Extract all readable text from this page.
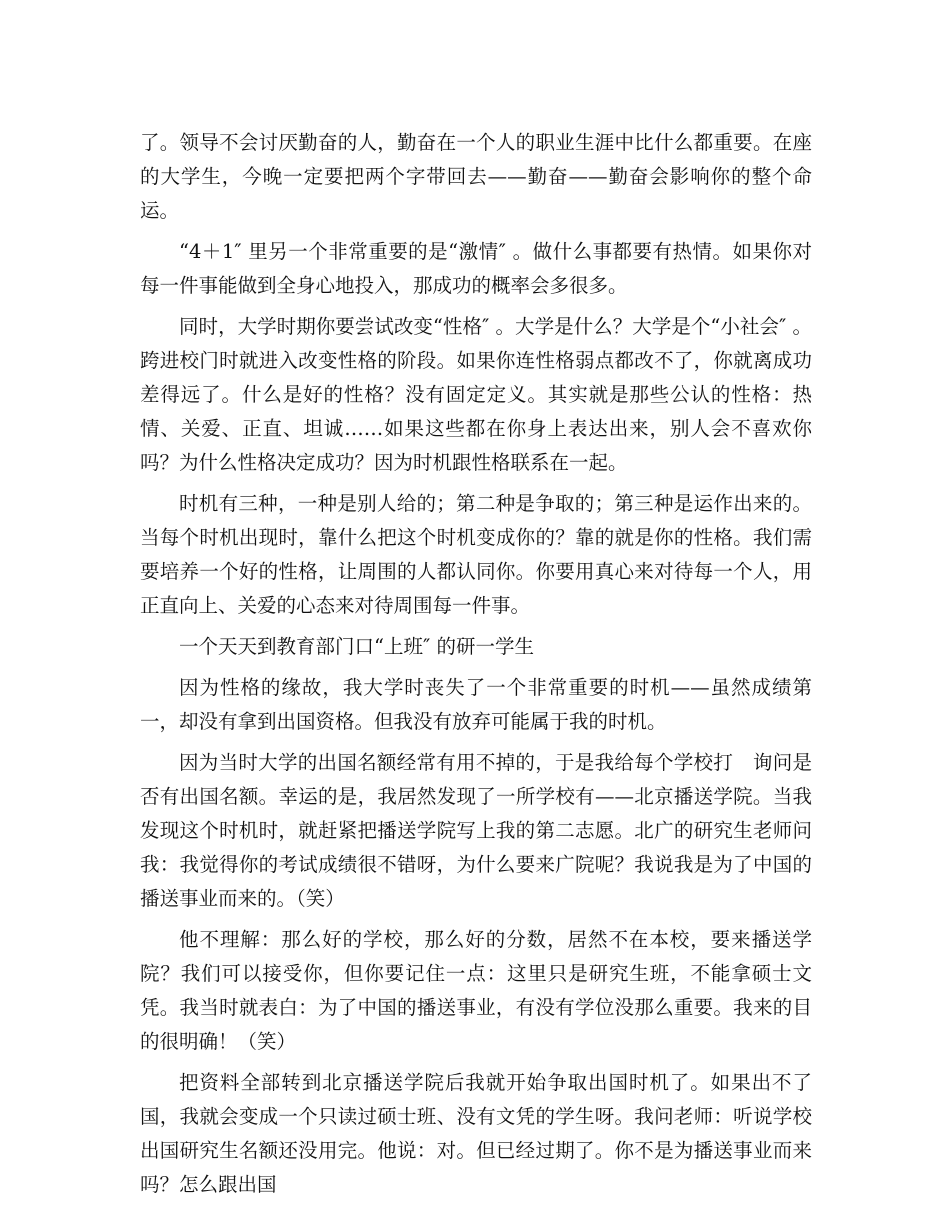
了。领导不会讨厌勤奋的人，勤奋在一个人的职业生涯中比什么都重要。在座的大学生，今晚一定要把两个字带回去——勤奋——勤奋会影响你的整个命运。

“4＋1″ 里另一个非常重要的是“激情″ 。做什么事都要有热情。如果你对每一件事能做到全身心地投入，那成功的概率会多很多。

同时，大学时期你要尝试改变“性格″ 。大学是什么？大学是个“小社会″ 。跨进校门时就进入改变性格的阶段。如果你连性格弱点都改不了，你就离成功差得远了。什么是好的性格？没有固定定义。其实就是那些公认的性格：热情、关爱、正直、坦诚……如果这些都在你身上表达出来，别人会不喜欢你吗？为什么性格决定成功？因为时机跟性格联系在一起。

时机有三种，一种是别人给的；第二种是争取的；第三种是运作出来的。当每个时机出现时，靠什么把这个时机变成你的？靠的就是你的性格。我们需要培养一个好的性格，让周围的人都认同你。你要用真心来对待每一个人，用正直向上、关爱的心态来对待周围每一件事。

一个天天到教育部门口“上班″ 的研一学生

因为性格的缘故，我大学时丧失了一个非常重要的时机——虽然成绩第一，却没有拿到出国资格。但我没有放弃可能属于我的时机。

因为当时大学的出国名额经常有用不掉的，于是我给每个学校打　询问是否有出国名额。幸运的是，我居然发现了一所学校有——北京播送学院。当我发现这个时机时，就赶紧把播送学院写上我的第二志愿。北广的研究生老师问我：我觉得你的考试成绩很不错呀，为什么要来广院呢？我说我是为了中国的播送事业而来的。（笑）

他不理解：那么好的学校，那么好的分数，居然不在本校，要来播送学院？我们可以接受你，但你要记住一点：这里只是研究生班，不能拿硕士文凭。我当时就表白：为了中国的播送事业，有没有学位没那么重要。我来的目的很明确！（笑）

把资料全部转到北京播送学院后我就开始争取出国时机了。如果出不了国，我就会变成一个只读过硕士班、没有文凭的学生呀。我问老师：听说学校出国研究生名额还没用完。他说：对。但已经过期了。你不是为播送事业而来吗？怎么跟出国
